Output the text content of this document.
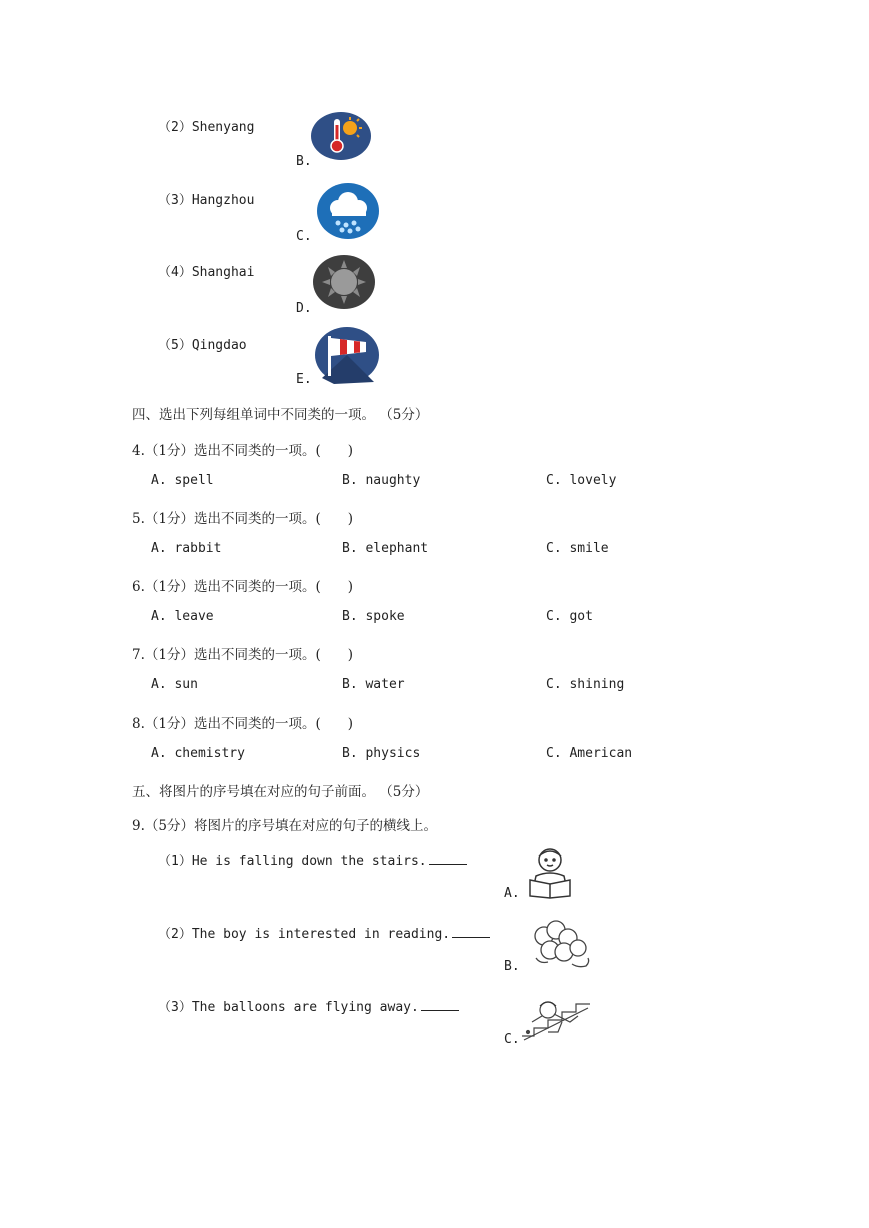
（2）Shenyang
B.
（3）Hangzhou
C.
（4）Shanghai
D.
（5）Qingdao
E.
四、选出下列每组单词中不同类的一项。 （5分）
4.（1分）选出不同类的一项。(　　)
A. spell	B. naughty	C. lovely
5.（1分）选出不同类的一项。(　　)
A. rabbit	B. elephant	C. smile
6.（1分）选出不同类的一项。(　　)
A. leave	B. spoke	C. got
7.（1分）选出不同类的一项。(　　)
A. sun	B. water	C. shining
8.（1分）选出不同类的一项。(　　)
A. chemistry	B. physics	C. American
五、将图片的序号填在对应的句子前面。 （5分）
9.（5分）将图片的序号填在对应的句子的横线上。
（1）He is falling down the stairs.
A.
（2）The boy is interested in reading.
B.
（3）The balloons are flying away.
C.
